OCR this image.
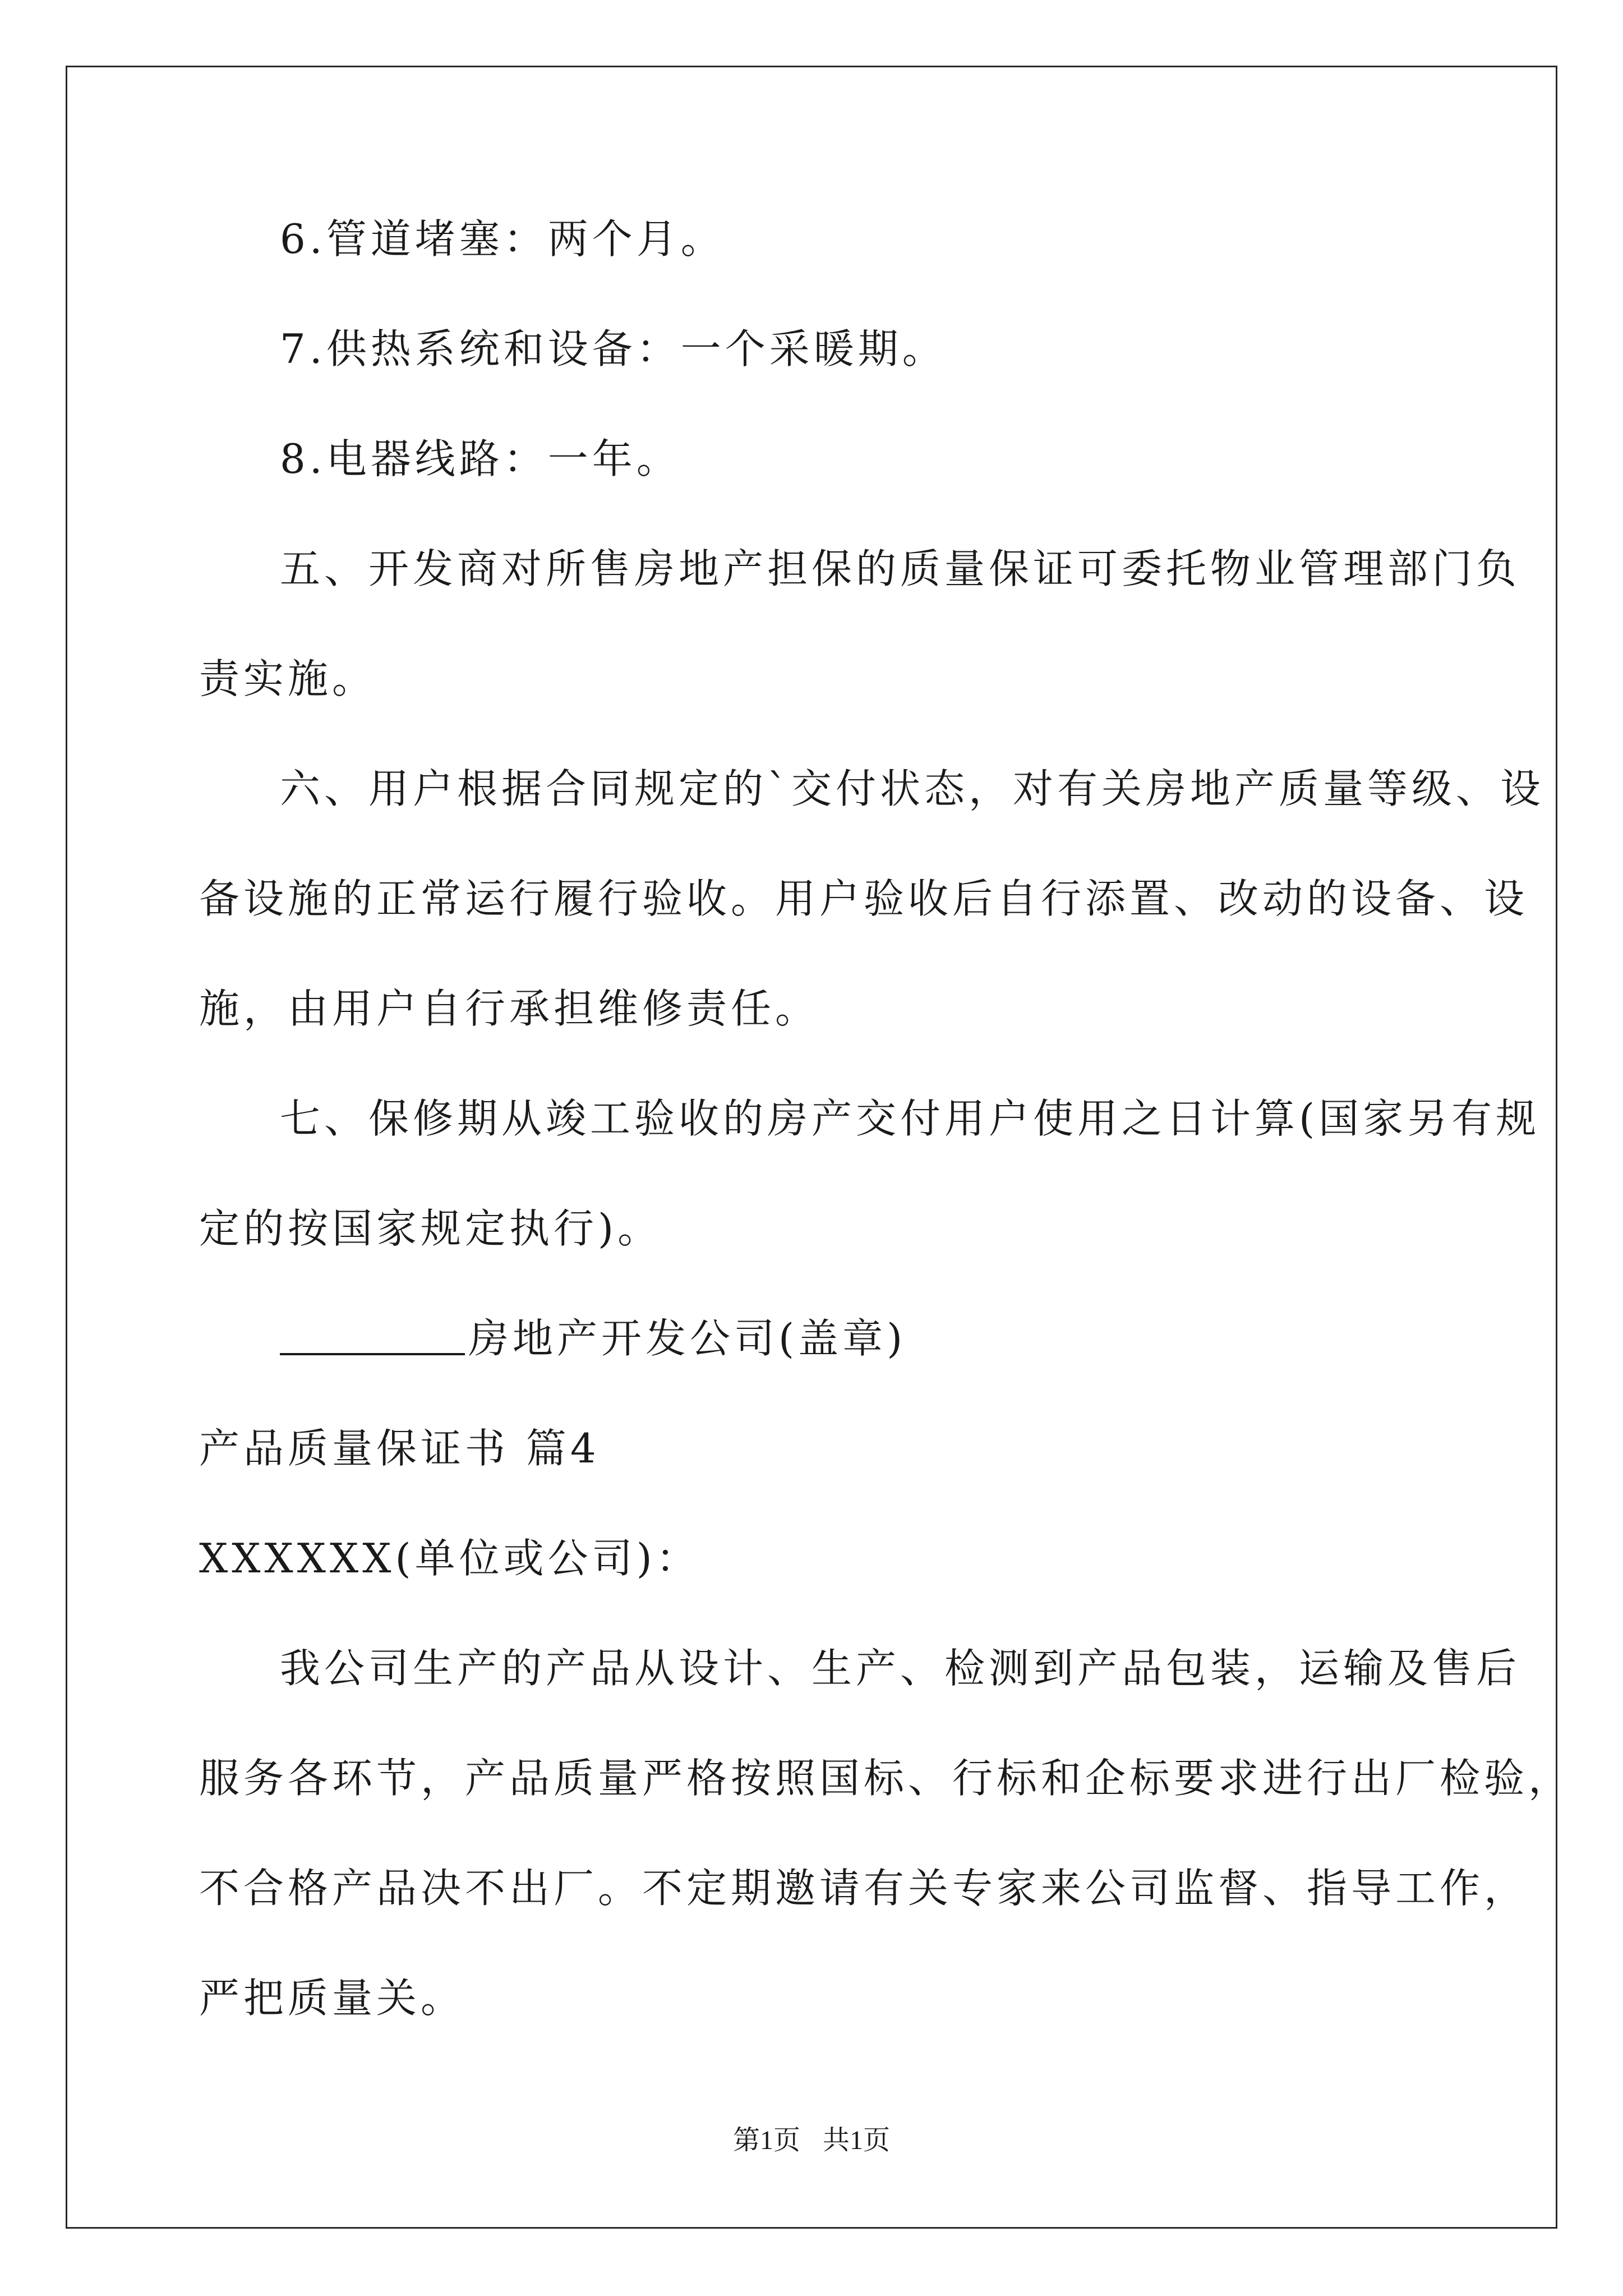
6.管道堵塞：两个月。

7.供热系统和设备：一个采暖期。

8.电器线路：一年。

五、开发商对所售房地产担保的质量保证可委托物业管理部门负

责实施。

六、用户根据合同规定的`交付状态，对有关房地产质量等级、设

备设施的正常运行履行验收。用户验收后自行添置、改动的设备、设

施，由用户自行承担维修责任。

七、保修期从竣工验收的房产交付用户使用之日计算(国家另有规

定的按国家规定执行)。

房地产开发公司(盖章)

产品质量保证书 篇4

XXXXXX(单位或公司)：

我公司生产的产品从设计、生产、检测到产品包装，运输及售后

服务各环节，产品质量严格按照国标、行标和企标要求进行出厂检验，

不合格产品决不出厂。不定期邀请有关专家来公司监督、指导工作，

严把质量关。

第1页 共1页
